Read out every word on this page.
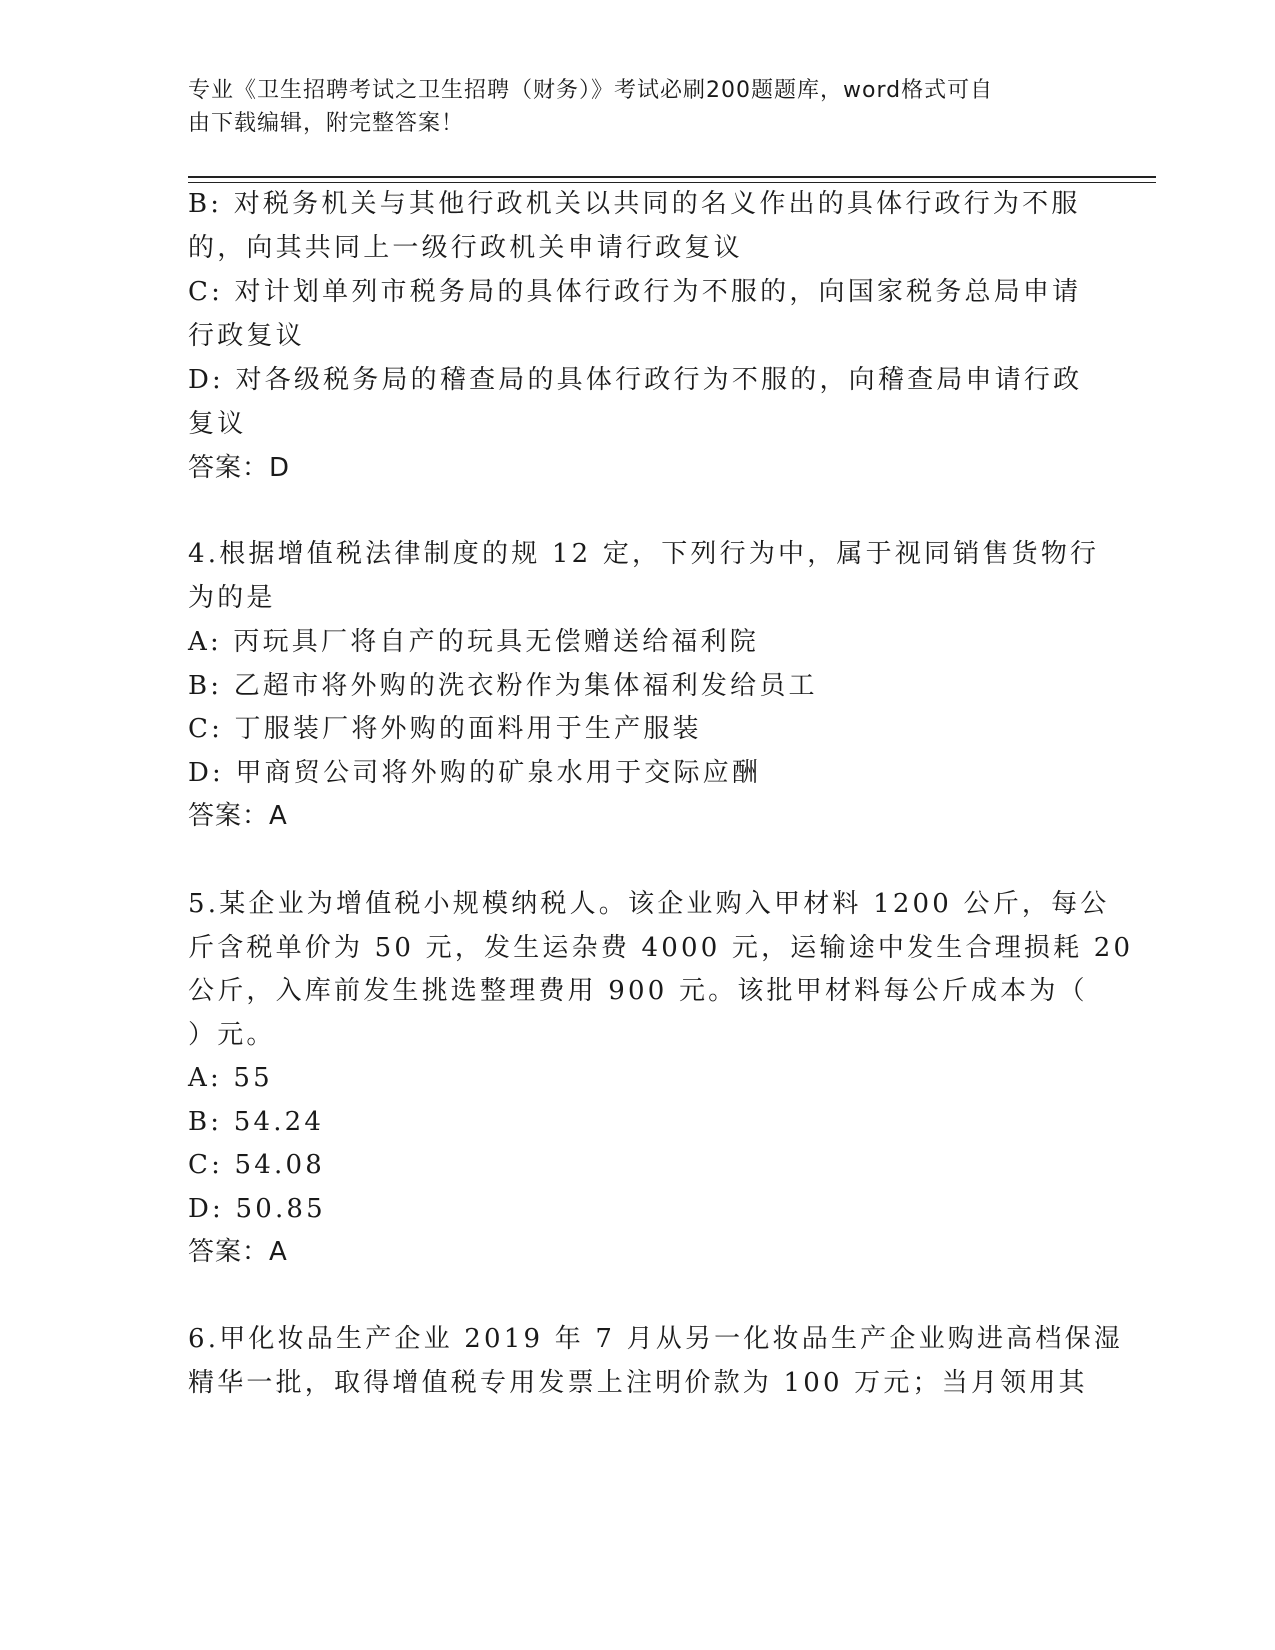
专业《卫生招聘考试之卫生招聘（财务）》考试必刷200题题库，word格式可自
由下载编辑，附完整答案！
B: 对税务机关与其他行政机关以共同的名义作出的具体行政行为不服
的，向其共同上一级行政机关申请行政复议
C: 对计划单列市税务局的具体行政行为不服的，向国家税务总局申请
行政复议
D: 对各级税务局的稽查局的具体行政行为不服的，向稽查局申请行政
复议
答案：D
4.根据增值税法律制度的规 12 定，下列行为中，属于视同销售货物行
为的是
A: 丙玩具厂将自产的玩具无偿赠送给福利院
B: 乙超市将外购的洗衣粉作为集体福利发给员工
C: 丁服装厂将外购的面料用于生产服装
D: 甲商贸公司将外购的矿泉水用于交际应酬
答案：A
5.某企业为增值税小规模纳税人。该企业购入甲材料 1200 公斤，每公
斤含税单价为 50 元，发生运杂费 4000 元，运输途中发生合理损耗 20
公斤，入库前发生挑选整理费用 900 元。该批甲材料每公斤成本为（
）元。
A: 55
B: 54.24
C: 54.08
D: 50.85
答案：A
6.甲化妆品生产企业 2019 年 7 月从另一化妆品生产企业购进高档保湿
精华一批，取得增值税专用发票上注明价款为 100 万元；当月领用其
